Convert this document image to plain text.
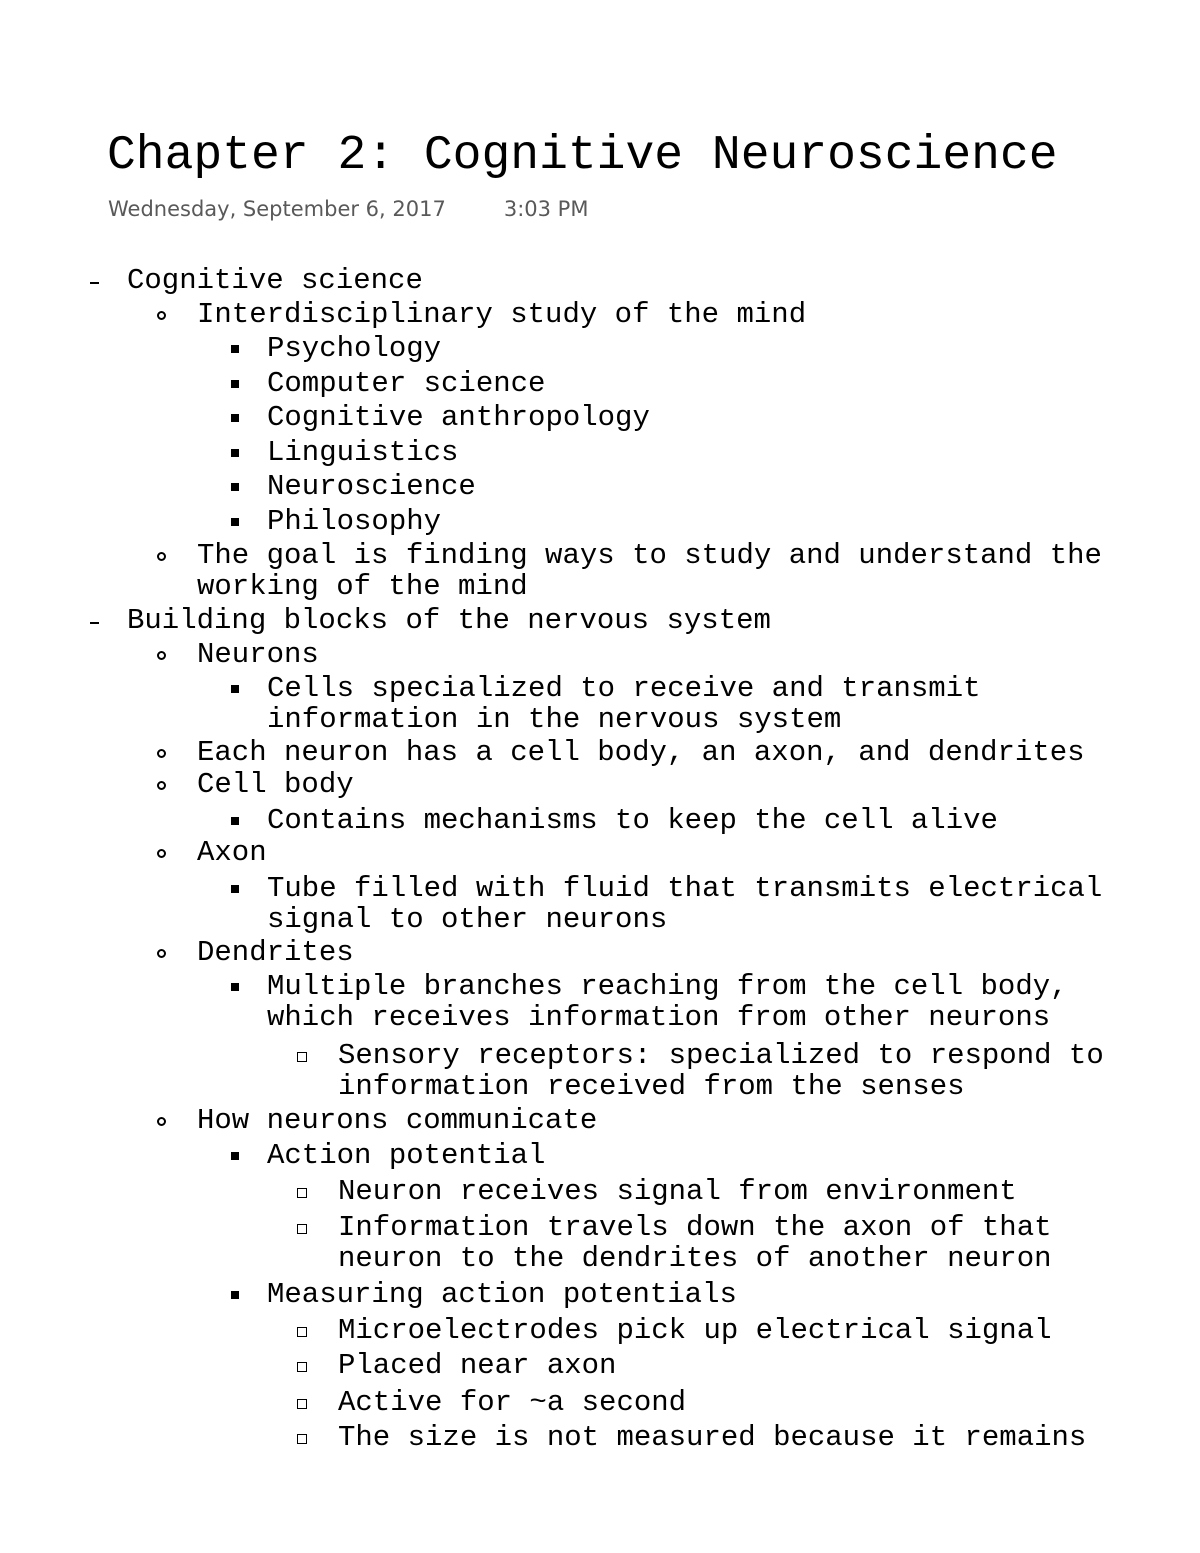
Chapter 2: Cognitive Neuroscience
Wednesday, September 6, 2017	3:03 PM
Cognitive science
Interdisciplinary study of the mind
Psychology
Computer science
Cognitive anthropology
Linguistics
Neuroscience
Philosophy
The goal is finding ways to study and understand the
working of the mind
Building blocks of the nervous system
Neurons
Cells specialized to receive and transmit
information in the nervous system
Each neuron has a cell body, an axon, and dendrites
Cell body
Contains mechanisms to keep the cell alive
Axon
Tube filled with fluid that transmits electrical
signal to other neurons
Dendrites
Multiple branches reaching from the cell body,
which receives information from other neurons
Sensory receptors: specialized to respond to
information received from the senses
How neurons communicate
Action potential
Neuron receives signal from environment
Information travels down the axon of that
neuron to the dendrites of another neuron
Measuring action potentials
Microelectrodes pick up electrical signal
Placed near axon
Active for ~a second
The size is not measured because it remains
